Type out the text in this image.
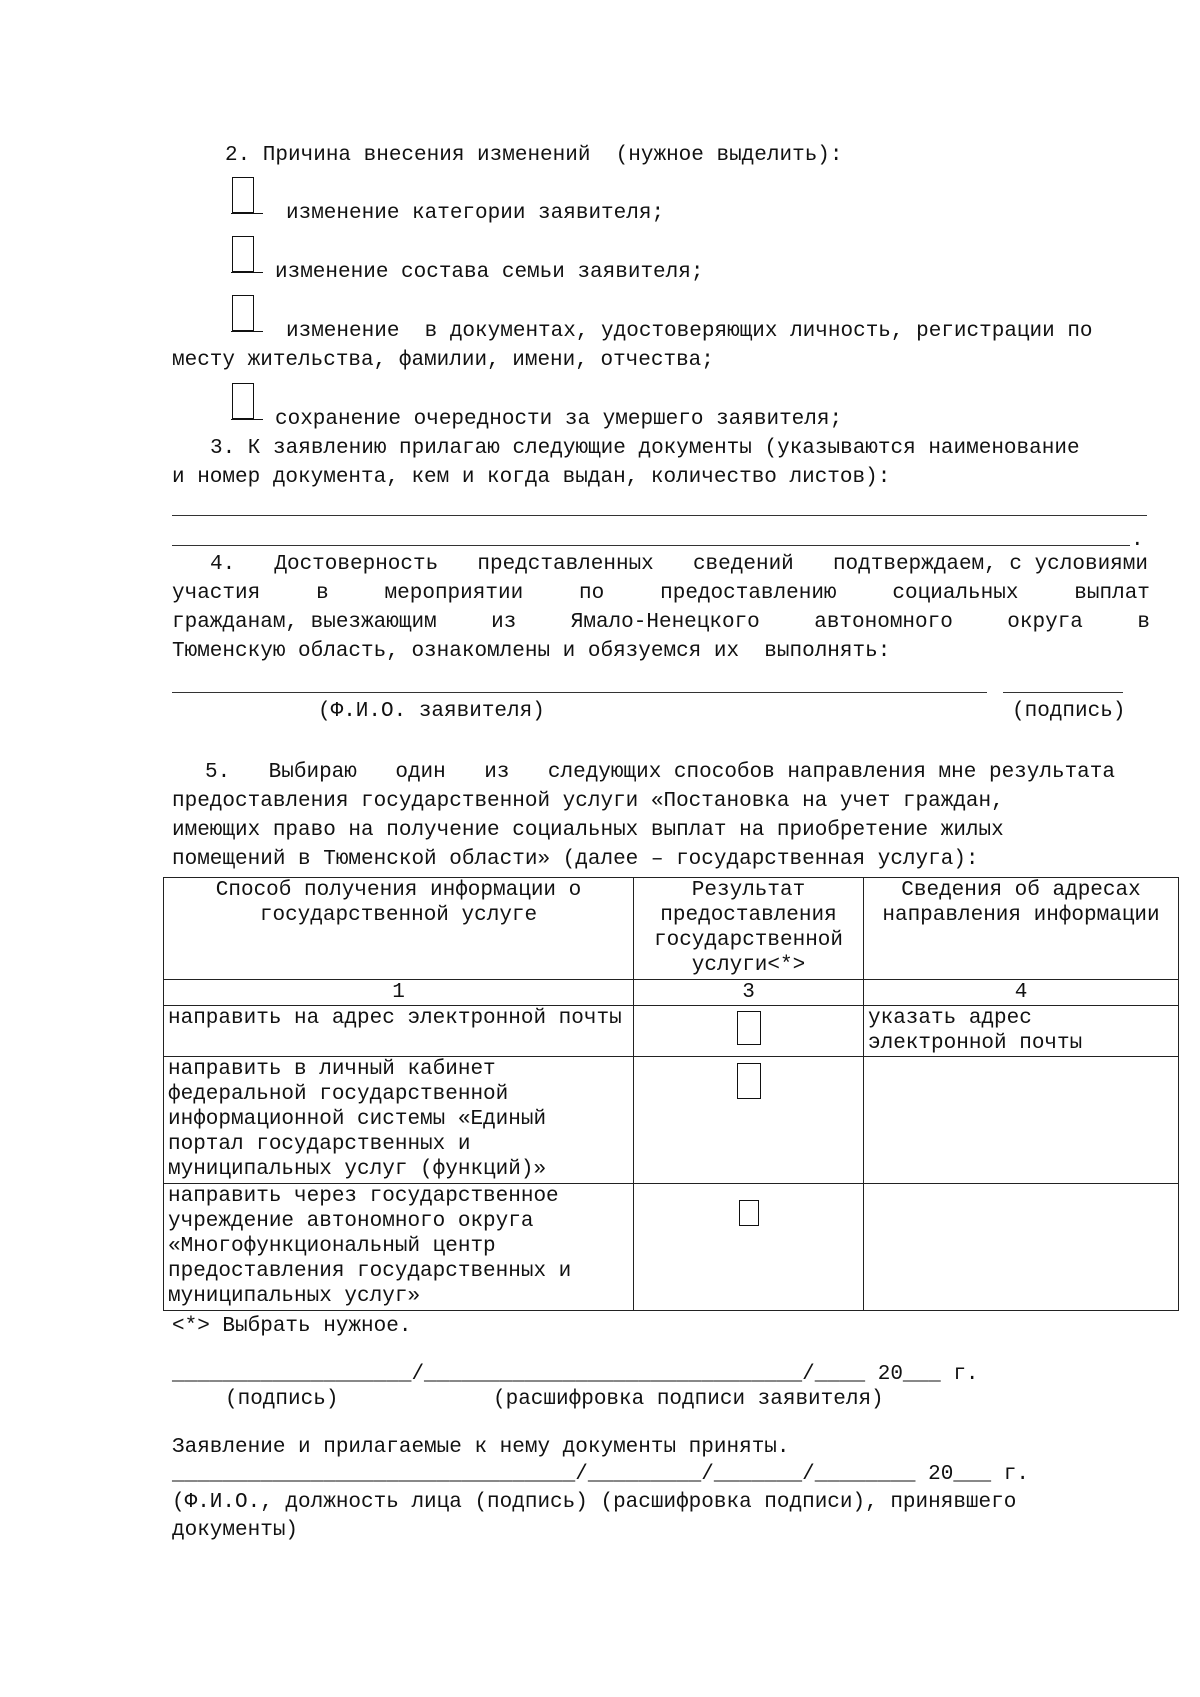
2. Причина внесения изменений  (нужное выделить):
изменение категории заявителя;
изменение состава семьи заявителя;
изменение  в документах, удостоверяющих личность, регистрации по
месту жительства, фамилии, имени, отчества;
сохранение очередности за умершего заявителя;
3. К заявлению прилагаю следующие документы (указываются наименование
и номер документа, кем и когда выдан, количество листов):
.
4. Достоверность представленных сведений подтверждаем, с условиями
участия	в	мероприятии	по	предоставлению	социальных	выплат
гражданам, выезжающим	из	Ямало-Ненецкого	автономного	округа	в
Тюменскую область, ознакомлены и обязуемся их  выполнять:
(Ф.И.О. заявителя)	(подпись)
5. Выбираю один из следующих способов направления мне результата
предоставления государственной услуги «Постановка на учет граждан,
имеющих право на получение социальных выплат на приобретение жилых
помещений в Тюменской области» (далее – государственная услуга):
Способ получения информации о государственной услуге	Результат предоставления государственной услуги<*>	Сведения об адресах направления информации
1	3	4
направить на адрес электронной почты		указать адрес электронной почты
направить в личный кабинет федеральной государственной информационной системы «Единый портал государственных и муниципальных услуг (функций)»		
направить через государственное учреждение автономного округа «Многофункциональный центр предоставления государственных и муниципальных услуг»		
<*> Выбрать нужное.
___________________/______________________________/____ 20___ г.
(подпись)	(расшифровка подписи заявителя)
Заявление и прилагаемые к нему документы приняты.
________________________________/_________/_______/________ 20___ г.
(Ф.И.О., должность лица (подпись) (расшифровка подписи), принявшего
документы)
